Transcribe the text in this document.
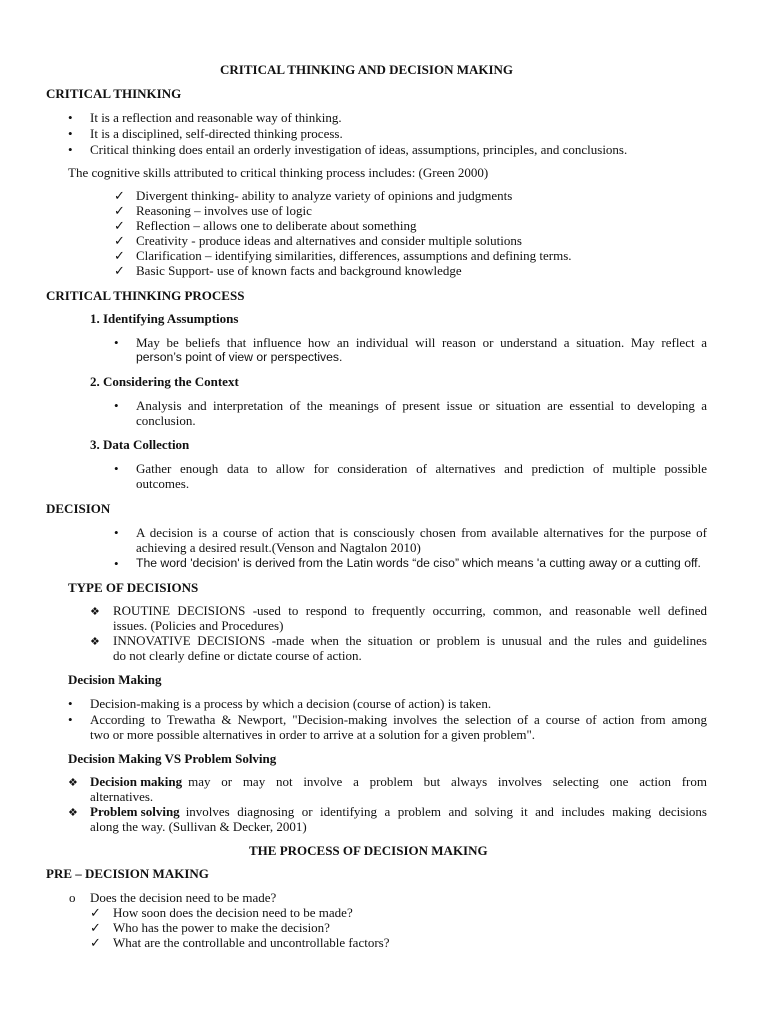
CRITICAL THINKING AND DECISION MAKING
CRITICAL THINKING
•
It is a reflection and reasonable way of thinking.
•
It is a disciplined, self-directed thinking process.
•
Critical thinking does entail an orderly investigation of ideas, assumptions, principles, and conclusions.
The cognitive skills attributed to critical thinking process includes: (Green 2000)
✓
Divergent thinking- ability to analyze variety of opinions and judgments
✓
Reasoning – involves use of logic
✓
Reflection – allows one to deliberate about something
✓
Creativity - produce ideas and alternatives and consider multiple solutions
✓
Clarification – identifying similarities, differences, assumptions and defining terms.
✓
Basic Support- use of known facts and background knowledge
CRITICAL THINKING PROCESS
1. Identifying Assumptions
•
May be beliefs that influence how an individual will reason or understand a situation. May reflect a
person’s point of view or perspectives.
2. Considering the Context
•
Analysis and interpretation of the meanings of present issue or situation are essential to developing a
conclusion.
3. Data Collection
•
Gather enough data to allow for consideration of alternatives and prediction of multiple possible
outcomes.
DECISION
•
A decision is a course of action that is consciously chosen from available alternatives for the purpose of
achieving a desired result.(Venson and Nagtalon 2010)
•
The word 'decision' is derived from the Latin words “de ciso” which means 'a cutting away or a cutting off.
TYPE OF DECISIONS
❖
ROUTINE DECISIONS -used to respond to frequently occurring, common, and reasonable well defined
issues. (Policies and Procedures)
❖
INNOVATIVE DECISIONS -made when the situation or problem is unusual and the rules and guidelines
do not clearly define or dictate course of action.
Decision Making
•
Decision-making is a process by which a decision (course of action) is taken.
•
According to Trewatha & Newport, "Decision-making involves the selection of a course of action from among
two or more possible alternatives in order to arrive at a solution for a given problem".
Decision Making VS Problem Solving
❖
Decision making may or may not involve a problem but always involves selecting one action from
alternatives.
❖
Problem solving involves diagnosing or identifying a problem and solving it and includes making decisions
along the way. (Sullivan & Decker, 2001)
THE PROCESS OF DECISION MAKING
PRE – DECISION MAKING
o
Does the decision need to be made?
✓
How soon does the decision need to be made?
✓
Who has the power to make the decision?
✓
What are the controllable and uncontrollable factors?
